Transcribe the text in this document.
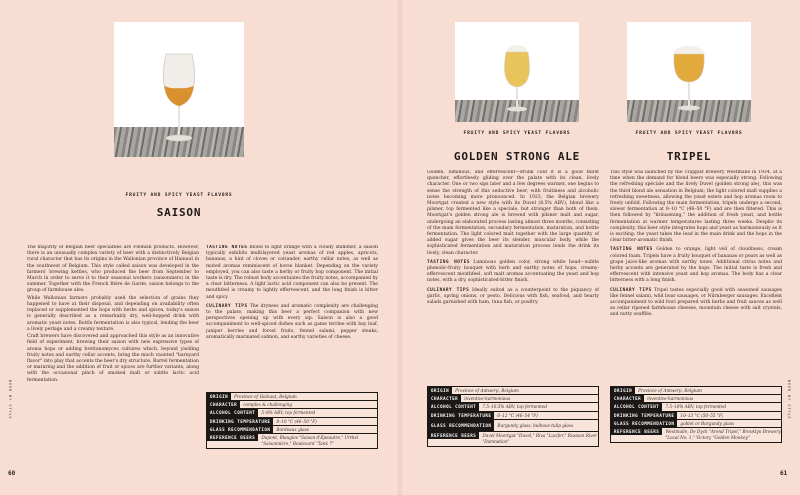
FRUITY AND SPICY YEAST FLAVORS
SAISON

The majority of Belgian beer specialties are Flemish products. However, there is an unusually complex variety of beer with a distinctively Belgian rural character that has its origins in the Wallonian province of Hainaut in the southwest of Belgium. This style called saison was developed in the farmers' brewing kettles, who produced the beer from September to March in order to serve it to their seasonal workers (saisonniers) in the summer. Together with the French Bière de Garde, saison belongs to the group of farmhouse ales.

While Wallonian farmers probably used the selection of grains they happened to have at their disposal, and depending on availability often replaced or supplemented the hops with herbs and spices, today's saison is generally described as a remarkably dry, well-hopped drink with aromatic yeast notes. Bottle fermentation is also typical, lending the beer a lively perlage and a creamy texture.

Craft brewers have discovered and approached this style as an innovative field of experiment, brewing their saison with new expressive types of aroma hops or adding brettanomyces cultures which, beyond yielding fruity notes and earthy cellar accents, bring the much vaunted "barnyard flavor" into play that accents the beer's dry structure. Barrel fermentation or maturing and the addition of fruit or spices are further variants, along with the occasional pinch of smoked malt or subtle lactic acid fermentation.

TASTING NOTES Blond to light orange with a cloudy shimmer, a saison typically exhibits multilayered yeast aromas of red apples, apricots, bananas, a hint of cloves or coriander, earthy cellar notes, as well as muted aromas reminiscent of horse blanket. Depending on the variety employed, you can also taste a herby or fruity hop component. The initial taste is dry. The robust body accentuates the fruity notes, accompanied by a clear bitterness. A light lactic acid component can also be present. The mouthfeel is creamy to lightly effervescent, and the long finish is bitter and spicy.

CULINARY TIPS The dryness and aromatic complexity are challenging to the palate, making this beer a perfect companion with new perspectives opening up with every sip. Saison is also a good accompaniment to well-spiced dishes such as game terrine with bay leaf, juniper berries and forest fruits, fennel salami, pepper steaks, aromatically marinated salmon, and earthy varieties of cheese.

ORIGIN	Province of Hainaut, Belgium
CHARACTER	complex & challenging
ALCOHOL CONTENT	5–8% ABV, top fermented
DRINKING TEMPERATURE	8–10 °C (46–50 °F)
GLASS RECOMMENDATION	Bordeaux glass
REFERENCE BEERS	Dupont, Blaugies "Saison d'Épeautre," Urthel "Saisonnière," Boulevard "Tank 7"
BEER BY STYLE
60
FRUITY AND SPICY YEAST FLAVORS
GOLDEN STRONG ALE

Golden, luminous, and effervescent—drunk cold it is a good thirst quencher, effortlessly gliding over the palate with its clean, lively character. One or two sips later and a few degrees warmer, one begins to sense the strength of this seductive beer, with fruitiness and alcoholic notes becoming more pronounced. In 1923, the Belgian brewery Moortgat created a new style with its Duvel (8.5% ABV), blond like a pilsner, top fermented like a speciale, but stronger than both of them. Moortgat's golden strong ale is brewed with pilsner malt and sugar, undergoing an elaborated process lasting almost three months, consisting of the main fermentation, secondary fermentation, maturation, and bottle fermentation. The light colored malt together with the large quantity of added sugar gives the beer its slender, muscular body, while the sophisticated fermentation and maturation process lends the drink its lively, clean character.

TASTING NOTES Luminous golden color, strong white head—subtle phenolic-fruity bouquet with herb and earthy notes of hops, creamy-effervescent mouthfeel, soft malt aromas accentuating the yeast and hop notes, with a dry, sophisticated-bitter finish.

CULINARY TIPS Ideally suited as a counterpoint to the piquancy of garlic, spring onions, or pesto. Delicious with fish, seafood, and hearty salads garnished with ham, tuna fish, or poultry.

ORIGIN	Province of Antwerp, Belgium
CHARACTER	inventive-harmonious
ALCOHOL CONTENT	7.5–10.5% ABV, top fermented
DRINKING TEMPERATURE	6–12 °C (46–54 °F)
GLASS RECOMMENDATION	Burgundy glass, bulbous tulip glass
REFERENCE BEERS	Duvel Moortgat "Duvel," Riva "Lucifer," Russian River "Damnation"
FRUITY AND SPICY YEAST FLAVORS
TRIPEL

This style was launched by the Trappist brewery Westmalle in 1934, at a time when the demand for blond beers was especially strong. Following the refreshing spéciale and the lively Duvel (golden strong ale), this was the third blond ale sensation in Belgium; the light colored malt supplies a refreshing sweetness, allowing the yeast esters and hop aromas room to freely unfold. Following the main fermentation, tripels undergo a second, slower fermentation at 8–10 °C (46–50 °F) and are then filtered. This is then followed by "kräusening," the addition of fresh yeast, and bottle fermentation at warmer temperatures lasting three weeks. Despite its complexity, this beer style integrates hops and yeast as harmoniously as it is exciting: the yeast takes the lead in the main drink and the hops in the clear bitter-aromatic finish.

TASTING NOTES Golden to orange, light veil of cloudiness, cream colored foam. Tripels have a fruity bouquet of bananas or pears as well as grape juice-like aromas with earthy tones. Additional citrus notes and herby accents are generated by the hops. The initial taste is fresh and effervescent with intensive yeast and hop aromas. The body has a clear bitterness with a long finish.

CULINARY TIPS Tripel tastes especially good with seasoned sausages like fennel salami, wild boar sausages, or Nürnberger sausages. Excellent accompaniment to wild fowl prepared with herbs and fruit sauces as well as cellar ripened farmhouse cheeses, mountain cheese with salt crystals, and nutty soufflés.

ORIGIN	Province of Antwerp, Belgium
CHARACTER	inventive-harmonious
ALCOHOL CONTENT	7.5–10% ABV, top fermented
DRINKING TEMPERATURE	10–13 °C (50–55 °F)
GLASS RECOMMENDATION	goblet or Burgundy glass
REFERENCE BEERS	Westmalle, De Dyck "Arend Tripel," Brooklyn Brewery "Local No. 1," Victory "Golden Monkey"
BEER BY STYLE
61
